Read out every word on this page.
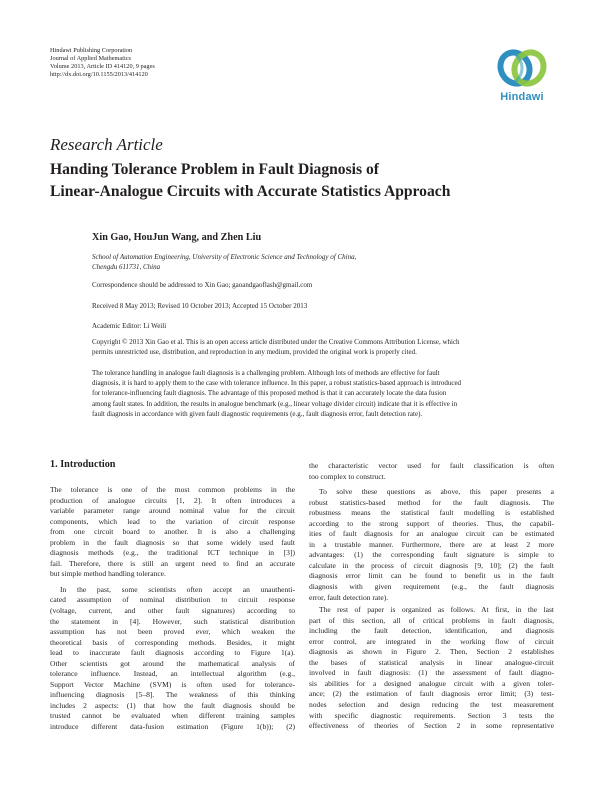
Hindawi Publishing Corporation
Journal of Applied Mathematics
Volume 2013, Article ID 414120, 9 pages
http://dx.doi.org/10.1155/2013/414120
Hindawi
Research Article
Handing Tolerance Problem in Fault Diagnosis of
Linear-Analogue Circuits with Accurate Statistics Approach
Xin Gao, HouJun Wang, and Zhen Liu
School of Automation Engineering, University of Electronic Science and Technology of China,
Chengdu 611731, China
Correspondence should be addressed to Xin Gao; gaoandgaoflash@gmail.com
Received 8 May 2013; Revised 10 October 2013; Accepted 15 October 2013
Academic Editor: Li Weili
Copyright © 2013 Xin Gao et al. This is an open access article distributed under the Creative Commons Attribution License, which
permits unrestricted use, distribution, and reproduction in any medium, provided the original work is properly cited.
The tolerance handling in analogue fault diagnosis is a challenging problem. Although lots of methods are effective for fault
diagnosis, it is hard to apply them to the case with tolerance influence. In this paper, a robust statistics-based approach is introduced
for tolerance-influencing fault diagnosis. The advantage of this proposed method is that it can accurately locate the data fusion
among fault states. In addition, the results in analogue benchmark (e.g., linear voltage divider circuit) indicate that it is effective in
fault diagnosis in accordance with given fault diagnostic requirements (e.g., fault diagnosis error, fault detection rate).
1. Introduction

The tolerance is one of the most common problems in the
production of analogue circuits [1, 2]. It often introduces a
variable parameter range around nominal value for the circuit
components, which lead to the variation of circuit response
from one circuit board to another. It is also a challenging
problem in the fault diagnosis so that some widely used fault
diagnosis methods (e.g., the traditional ICT technique in [3])
fail. Therefore, there is still an urgent need to find an accurate
but simple method handling tolerance.

In the past, some scientists often accept an unauthenti-
cated assumption of nominal distribution to circuit response
(voltage, current, and other fault signatures) according to
the statement in [4]. However, such statistical distribution
assumption has not been proved ever, which weaken the
theoretical basis of corresponding methods. Besides, it might
lead to inaccurate fault diagnosis according to Figure 1(a).
Other scientists got around the mathematical analysis of
tolerance influence. Instead, an intellectual algorithm (e.g.,
Support Vector Machine (SVM) is often used for tolerance-
influencing diagnosis [5–8]. The weakness of this thinking
includes 2 aspects: (1) that how the fault diagnosis should be
trusted cannot be evaluated when different training samples
introduce different data-fusion estimation (Figure 1(b)); (2)

the characteristic vector used for fault classification is often
too complex to construct.

To solve these questions as above, this paper presents a
robust statistics-based method for the fault diagnosis. The
robustness means the statistical fault modelling is established
according to the strong support of theories. Thus, the capabil-
ities of fault diagnosis for an analogue circuit can be estimated
in a trustable manner. Furthermore, there are at least 2 more
advantages: (1) the corresponding fault signature is simple to
calculate in the process of circuit diagnosis [9, 10]; (2) the fault
diagnosis error limit can be found to benefit us in the fault
diagnosis with given requirement (e.g., the fault diagnosis
error, fault detection rate).

The rest of paper is organized as follows. At first, in the last
part of this section, all of critical problems in fault diagnosis,
including the fault detection, identification, and diagnosis
error control, are integrated in the working flow of circuit
diagnosis as shown in Figure 2. Then, Section 2 establishes
the bases of statistical analysis in linear analogue-circuit
involved in fault diagnosis: (1) the assessment of fault diagno-
sis abilities for a designed analogue circuit with a given toler-
ance; (2) the estimation of fault diagnosis error limit; (3) test-
nodes selection and design reducing the test measurement
with specific diagnostic requirements. Section 3 tests the
effectiveness of theories of Section 2 in some representative
